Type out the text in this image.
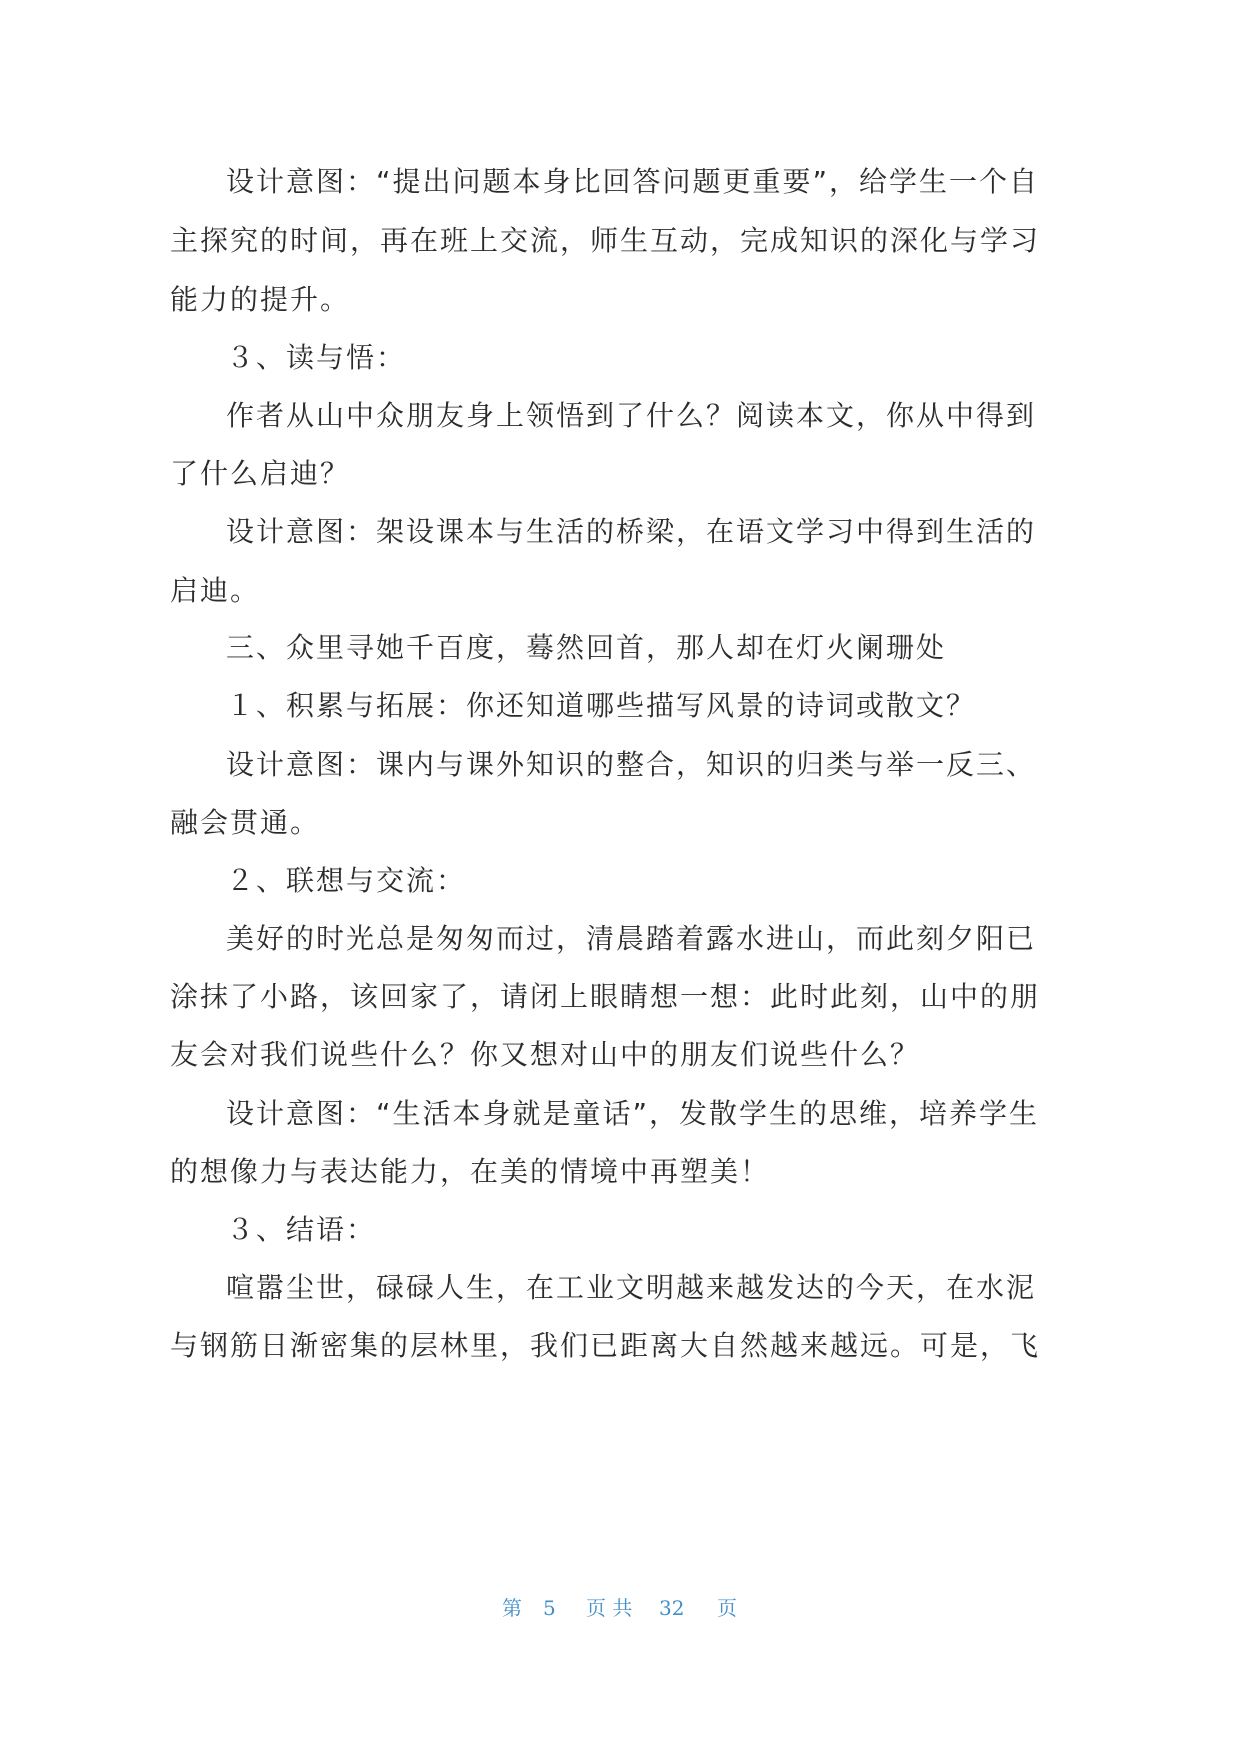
设计意图：“提出问题本身比回答问题更重要”，给学生一个自
主探究的时间，再在班上交流，师生互动，完成知识的深化与学习
能力的提升。
３、读与悟：
作者从山中众朋友身上领悟到了什么？阅读本文，你从中得到
了什么启迪？
设计意图：架设课本与生活的桥梁，在语文学习中得到生活的
启迪。
三、众里寻她千百度，蓦然回首，那人却在灯火阑珊处
１、积累与拓展：你还知道哪些描写风景的诗词或散文？
设计意图：课内与课外知识的整合，知识的归类与举一反三、
融会贯通。
２、联想与交流：
美好的时光总是匆匆而过，清晨踏着露水进山，而此刻夕阳已
涂抹了小路，该回家了，请闭上眼睛想一想：此时此刻，山中的朋
友会对我们说些什么？你又想对山中的朋友们说些什么？
设计意图：“生活本身就是童话”，发散学生的思维，培养学生
的想像力与表达能力，在美的情境中再塑美！
３、结语：
喧嚣尘世，碌碌人生，在工业文明越来越发达的今天，在水泥
与钢筋日渐密集的层林里，我们已距离大自然越来越远。可是，飞
第 5 页 共 32 页
